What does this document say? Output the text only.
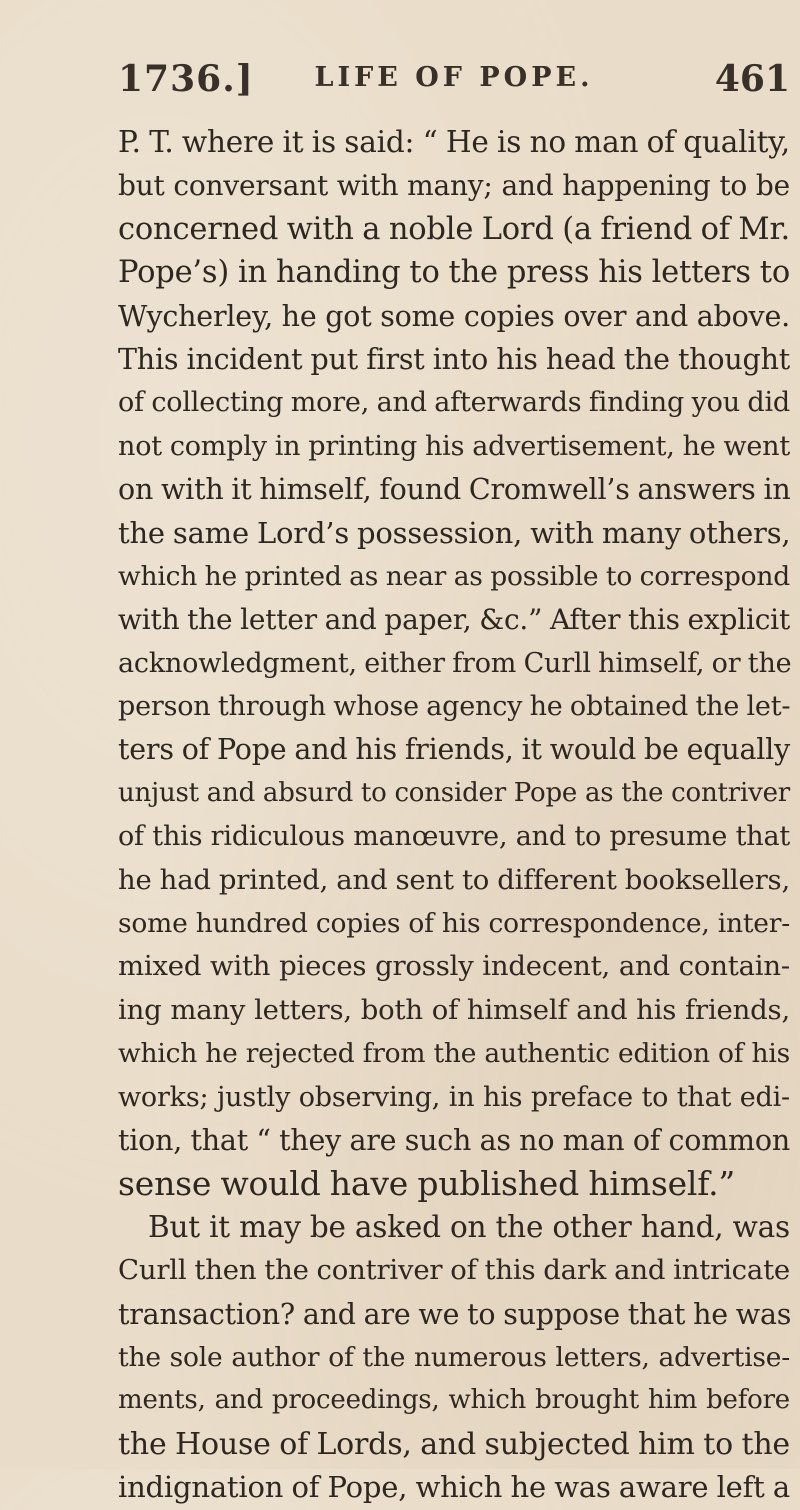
1736.]	LIFE OF POPE.	461
P. T. where it is said: “ He is no man of quality,
but conversant with many; and happening to be
concerned with a noble Lord (a friend of Mr.
Pope’s) in handing to the press his letters to
Wycherley, he got some copies over and above.
This incident put first into his head the thought
of collecting more, and afterwards finding you did
not comply in printing his advertisement, he went
on with it himself, found Cromwell’s answers in
the same Lord’s possession, with many others,
which he printed as near as possible to correspond
with the letter and paper, &c.” After this explicit
acknowledgment, either from Curll himself, or the
person through whose agency he obtained the let-
ters of Pope and his friends, it would be equally
unjust and absurd to consider Pope as the contriver
of this ridiculous manœuvre, and to presume that
he had printed, and sent to different booksellers,
some hundred copies of his correspondence, inter-
mixed with pieces grossly indecent, and contain-
ing many letters, both of himself and his friends,
which he rejected from the authentic edition of his
works; justly observing, in his preface to that edi-
tion, that “ they are such as no man of common
sense would have published himself.”
But it may be asked on the other hand, was
Curll then the contriver of this dark and intricate
transaction? and are we to suppose that he was
the sole author of the numerous letters, advertise-
ments, and proceedings, which brought him before
the House of Lords, and subjected him to the
indignation of Pope, which he was aware left a
